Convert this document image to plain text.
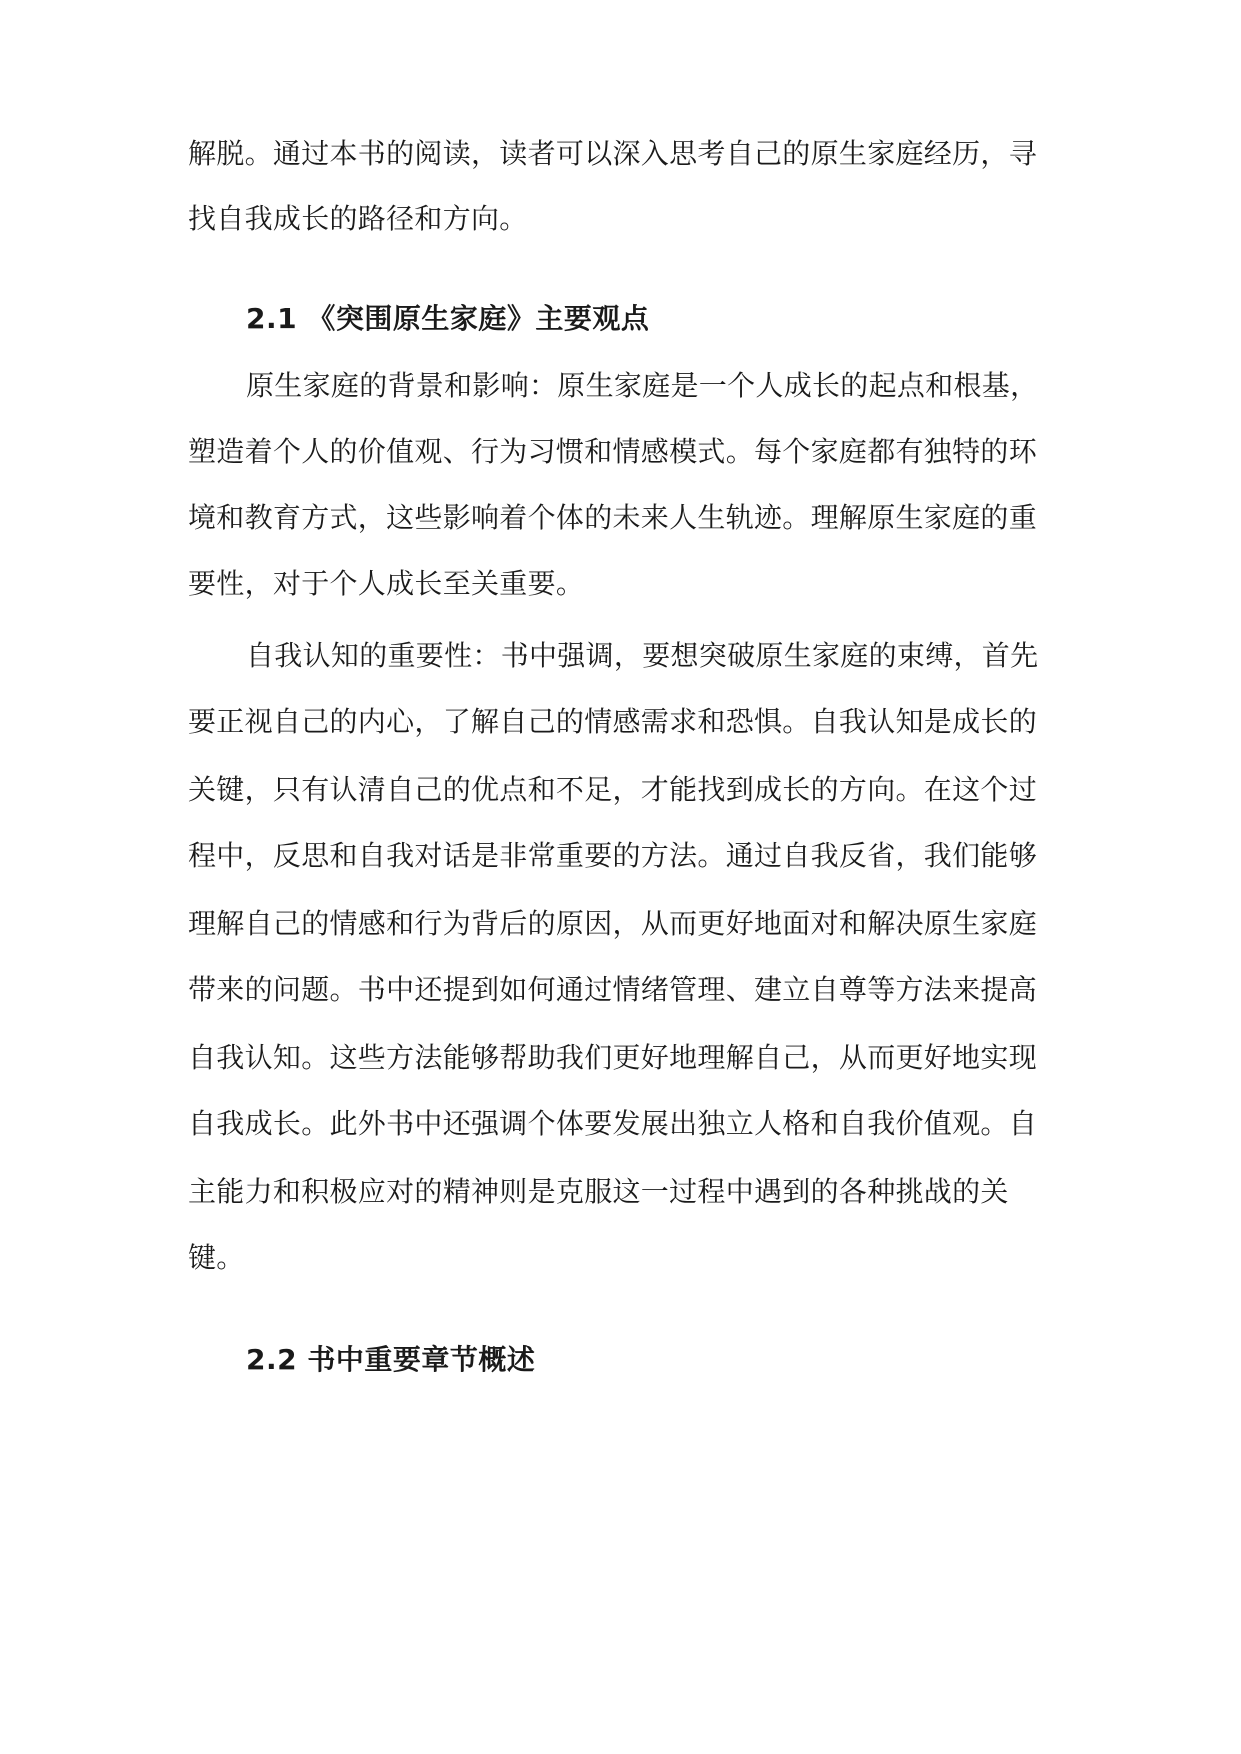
解脱。通过本书的阅读，读者可以深入思考自己的原生家庭经历，寻
找自我成长的路径和方向。
2.1 《突围原生家庭》主要观点
原生家庭的背景和影响：原生家庭是一个人成长的起点和根基，
塑造着个人的价值观、行为习惯和情感模式。每个家庭都有独特的环
境和教育方式，这些影响着个体的未来人生轨迹。理解原生家庭的重
要性，对于个人成长至关重要。
自我认知的重要性：书中强调，要想突破原生家庭的束缚，首先
要正视自己的内心，了解自己的情感需求和恐惧。自我认知是成长的
关键，只有认清自己的优点和不足，才能找到成长的方向。在这个过
程中，反思和自我对话是非常重要的方法。通过自我反省，我们能够
理解自己的情感和行为背后的原因，从而更好地面对和解决原生家庭
带来的问题。书中还提到如何通过情绪管理、建立自尊等方法来提高
自我认知。这些方法能够帮助我们更好地理解自己，从而更好地实现
自我成长。此外书中还强调个体要发展出独立人格和自我价值观。自
主能力和积极应对的精神则是克服这一过程中遇到的各种挑战的关
键。
2.2 书中重要章节概述
